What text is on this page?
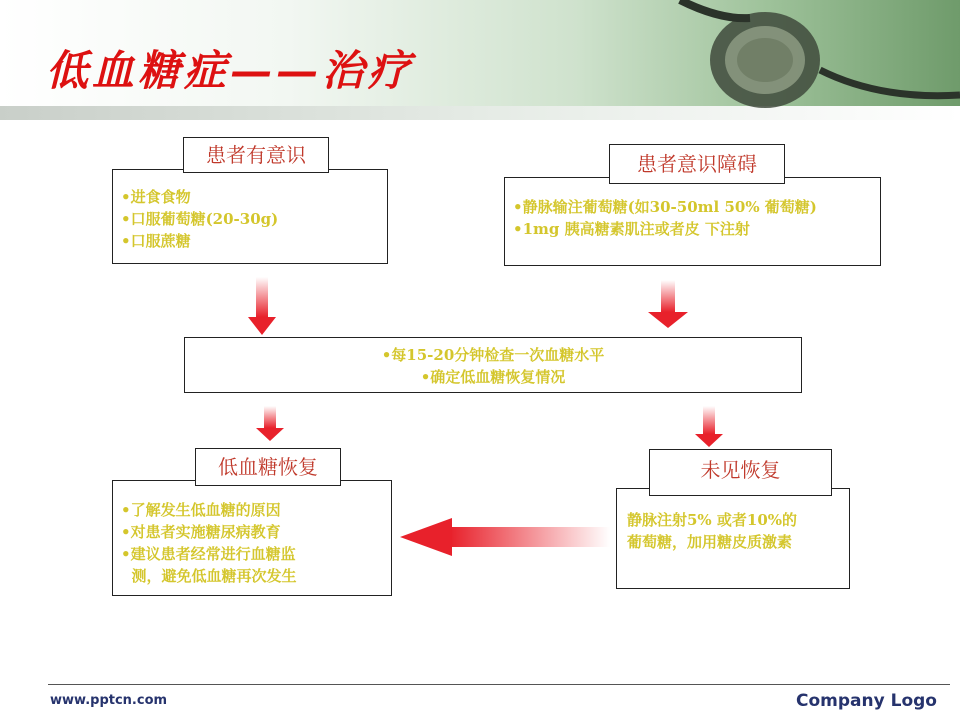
低血糖症——治疗
•进食食物
•口服葡萄糖(20-30g)
•口服蔗糖
患者有意识
•静脉输注葡萄糖(如30-50ml 50% 葡萄糖)
•1mg 胰高糖素肌注或者皮 下注射
患者意识障碍
•每15-20分钟检查一次血糖水平
•确定低血糖恢复情况
•了解发生低血糖的原因
•对患者实施糖尿病教育
•建议患者经常进行血糖监
测，避免低血糖再次发生
低血糖恢复
静脉注射5% 或者10%的
葡萄糖，加用糖皮质激素
未见恢复
www.pptcn.com	Company Logo
